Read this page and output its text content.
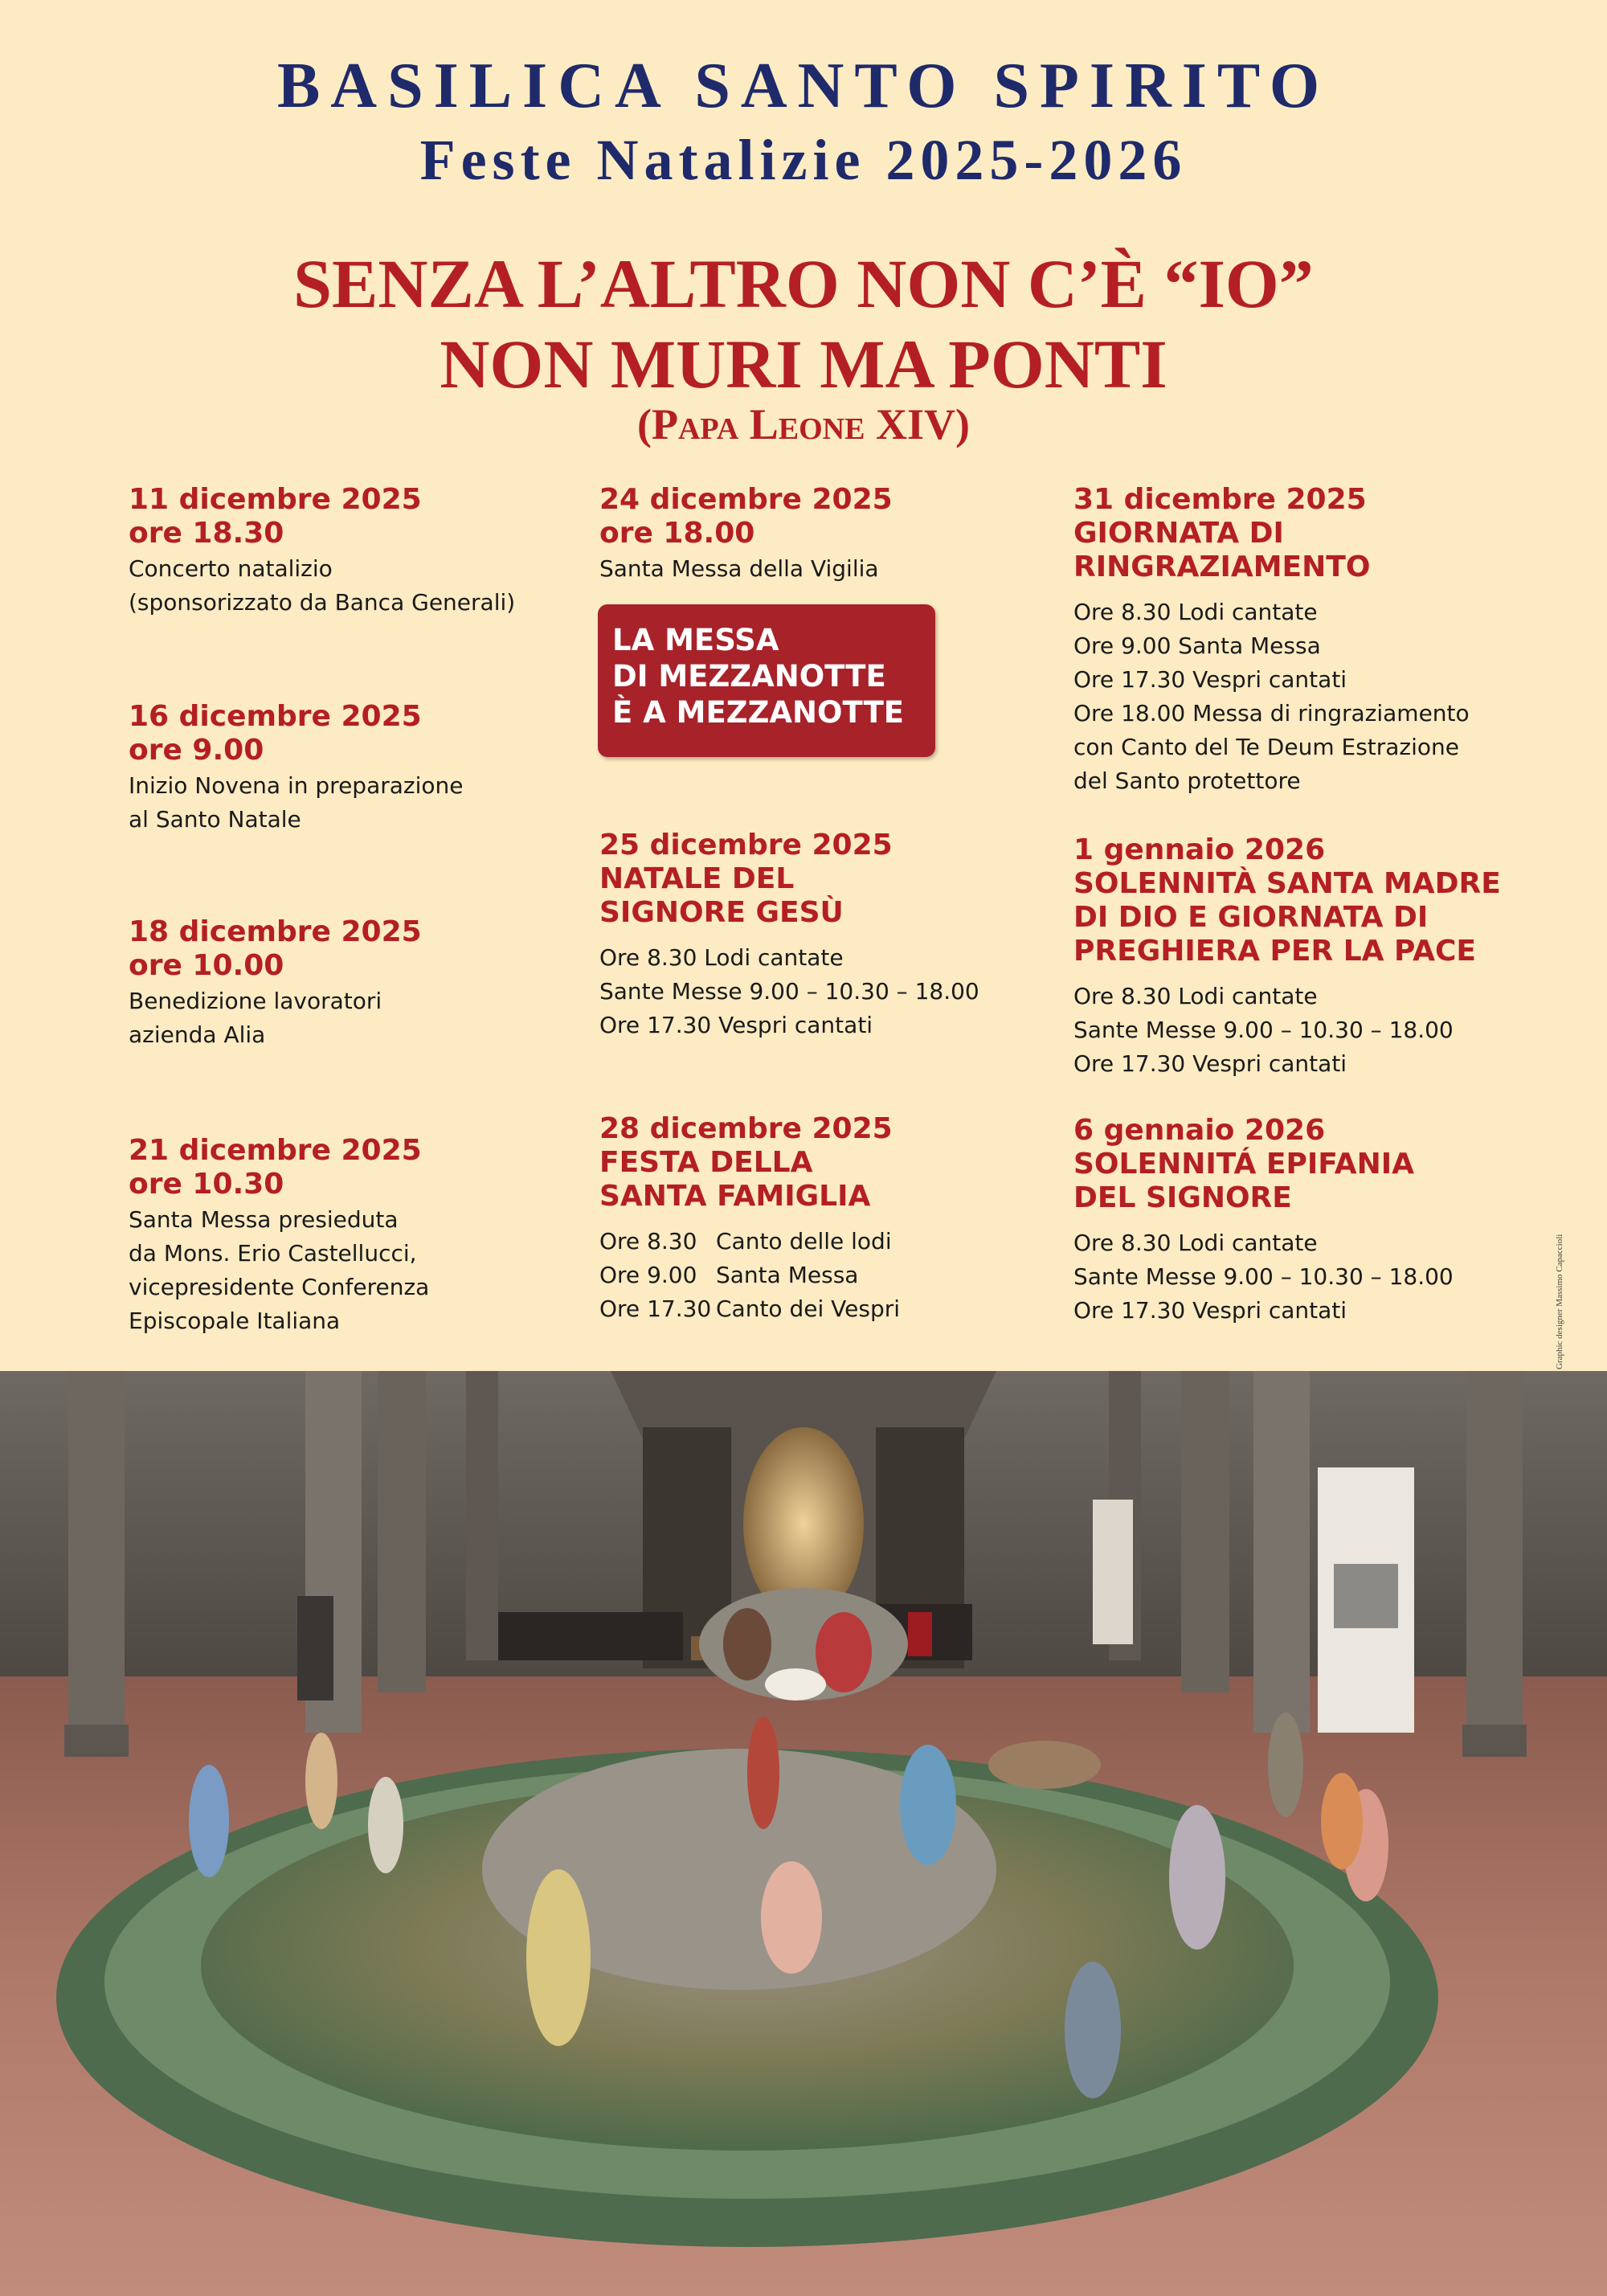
BASILICA SANTO SPIRITO
Feste Natalizie 2025-2026
SENZA L’ALTRO NON C’È “IO”
NON MURI MA PONTI
(Papa Leone XIV)
11 dicembre 2025
ore 18.30
Concerto natalizio
(sponsorizzato da Banca Generali)
16 dicembre 2025
ore 9.00
Inizio Novena in preparazione
al Santo Natale
18 dicembre 2025
ore 10.00
Benedizione lavoratori
azienda Alia
21 dicembre 2025
ore 10.30
Santa Messa presieduta
da Mons. Erio Castellucci,
vicepresidente Conferenza
Episcopale Italiana
24 dicembre 2025
ore 18.00
Santa Messa della Vigilia
LA MESSA
DI MEZZANOTTE
È A MEZZANOTTE
25 dicembre 2025
NATALE DEL
SIGNORE GESÙ
Ore 8.30 Lodi cantate
Sante Messe 9.00 – 10.30 – 18.00
Ore 17.30 Vespri cantati
28 dicembre 2025
FESTA DELLA
SANTA FAMIGLIA
Ore 8.30 Canto delle lodi
Ore 9.00 Santa Messa
Ore 17.30 Canto dei Vespri
31 dicembre 2025
GIORNATA DI
RINGRAZIAMENTO
Ore 8.30 Lodi cantate
Ore 9.00 Santa Messa
Ore 17.30 Vespri cantati
Ore 18.00 Messa di ringraziamento
con Canto del Te Deum Estrazione
del Santo protettore
1 gennaio 2026
SOLENNITÀ SANTA MADRE
DI DIO E GIORNATA DI
PREGHIERA PER LA PACE
Ore 8.30 Lodi cantate
Sante Messe 9.00 – 10.30 – 18.00
Ore 17.30 Vespri cantati
6 gennaio 2026
SOLENNITÁ EPIFANIA
DEL SIGNORE
Ore 8.30 Lodi cantate
Sante Messe 9.00 – 10.30 – 18.00
Ore 17.30 Vespri cantati	Graphic designer Massimo Capaccioli
